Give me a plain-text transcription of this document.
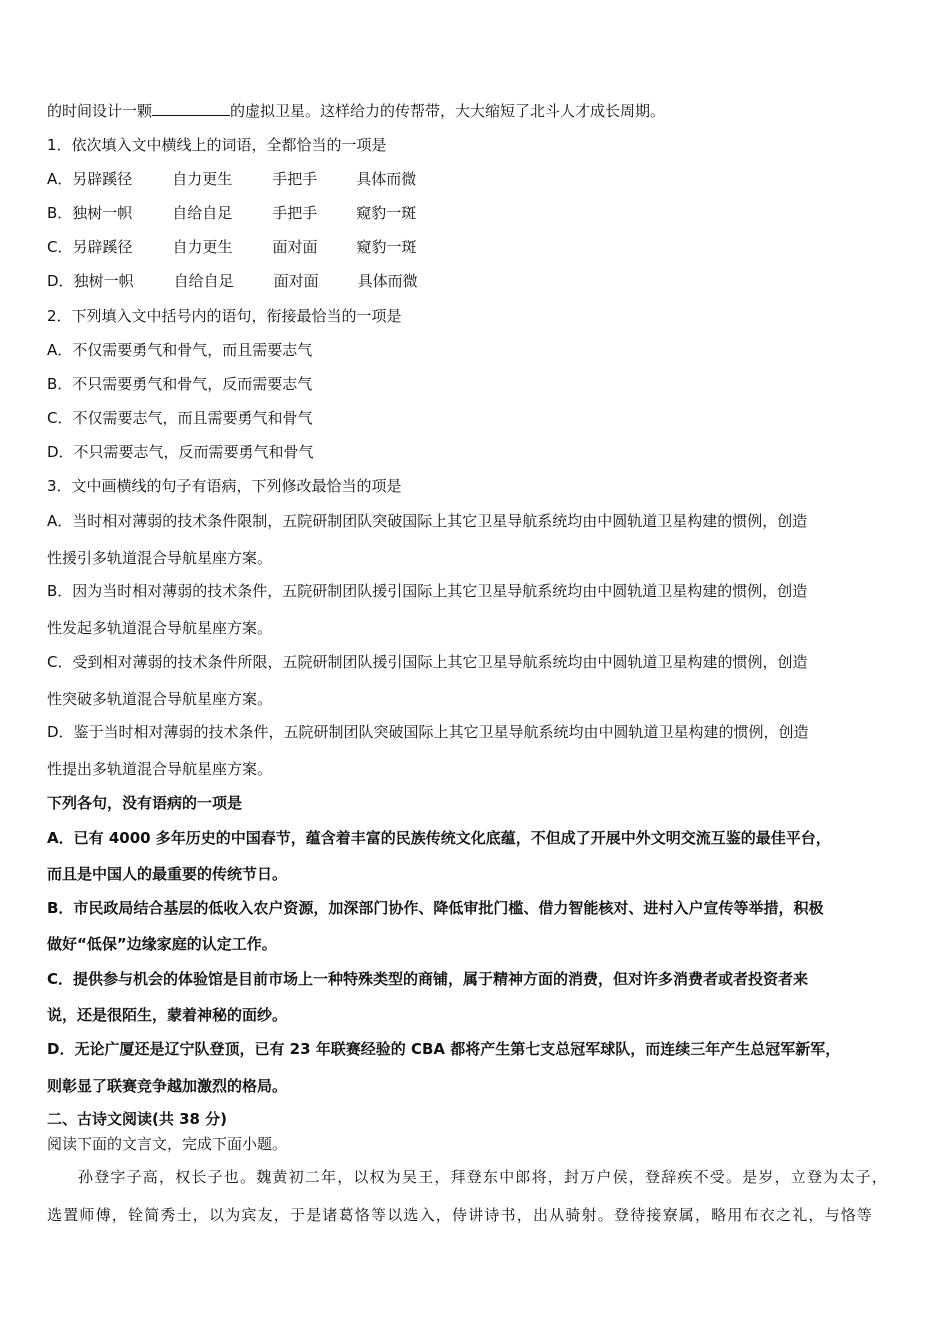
的时间设计一颗	的虚拟卫星。这样给力的传帮带，大大缩短了北斗人才成长周期。
1．依次填入文中横线上的词语，全都恰当的一项是
A．另辟蹊径	自力更生	手把手	具体而微
B．独树一帜	自给自足	手把手	窥豹一斑
C．另辟蹊径	自力更生	面对面	窥豹一斑
D．独树一帜	自给自足	面对面	具体而微
2．下列填入文中括号内的语句，衔接最恰当的一项是
A．不仅需要勇气和骨气，而且需要志气
B．不只需要勇气和骨气，反而需要志气
C．不仅需要志气，而且需要勇气和骨气
D．不只需要志气，反而需要勇气和骨气
3．文中画横线的句子有语病，下列修改最恰当的项是
A．当时相对薄弱的技术条件限制，五院研制团队突破国际上其它卫星导航系统均由中圆轨道卫星构建的惯例，创造
性援引多轨道混合导航星座方案。
B．因为当时相对薄弱的技术条件，五院研制团队援引国际上其它卫星导航系统均由中圆轨道卫星构建的惯例，创造
性发起多轨道混合导航星座方案。
C．受到相对薄弱的技术条件所限，五院研制团队援引国际上其它卫星导航系统均由中圆轨道卫星构建的惯例，创造
性突破多轨道混合导航星座方案。
D．鉴于当时相对薄弱的技术条件，五院研制团队突破国际上其它卫星导航系统均由中圆轨道卫星构建的惯例，创造
性提出多轨道混合导航星座方案。
下列各句，没有语病的一项是
A．已有 4000 多年历史的中国春节，蕴含着丰富的民族传统文化底蕴，不但成了开展中外文明交流互鉴的最佳平台，
而且是中国人的最重要的传统节日。
B．市民政局结合基层的低收入农户资源，加深部门协作、降低审批门槛、借力智能核对、进村入户宣传等举措，积极
做好“低保”边缘家庭的认定工作。
C．提供参与机会的体验馆是目前市场上一种特殊类型的商铺，属于精神方面的消费，但对许多消费者或者投资者来
说，还是很陌生，蒙着神秘的面纱。
D．无论广厦还是辽宁队登顶，已有 23 年联赛经验的 CBA 都将产生第七支总冠军球队，而连续三年产生总冠军新军，
则彰显了联赛竞争越加激烈的格局。
二、古诗文阅读(共 38 分)
阅读下面的文言文，完成下面小题。
孙登字子高，权长子也。魏黄初二年，以权为吴王，拜登东中郎将，封万户侯，登辞疾不受。是岁，立登为太子，
选置师傅，铨简秀士，以为宾友，于是诸葛恪等以选入，侍讲诗书，出从骑射。登待接寮属，略用布衣之礼，与恪等
